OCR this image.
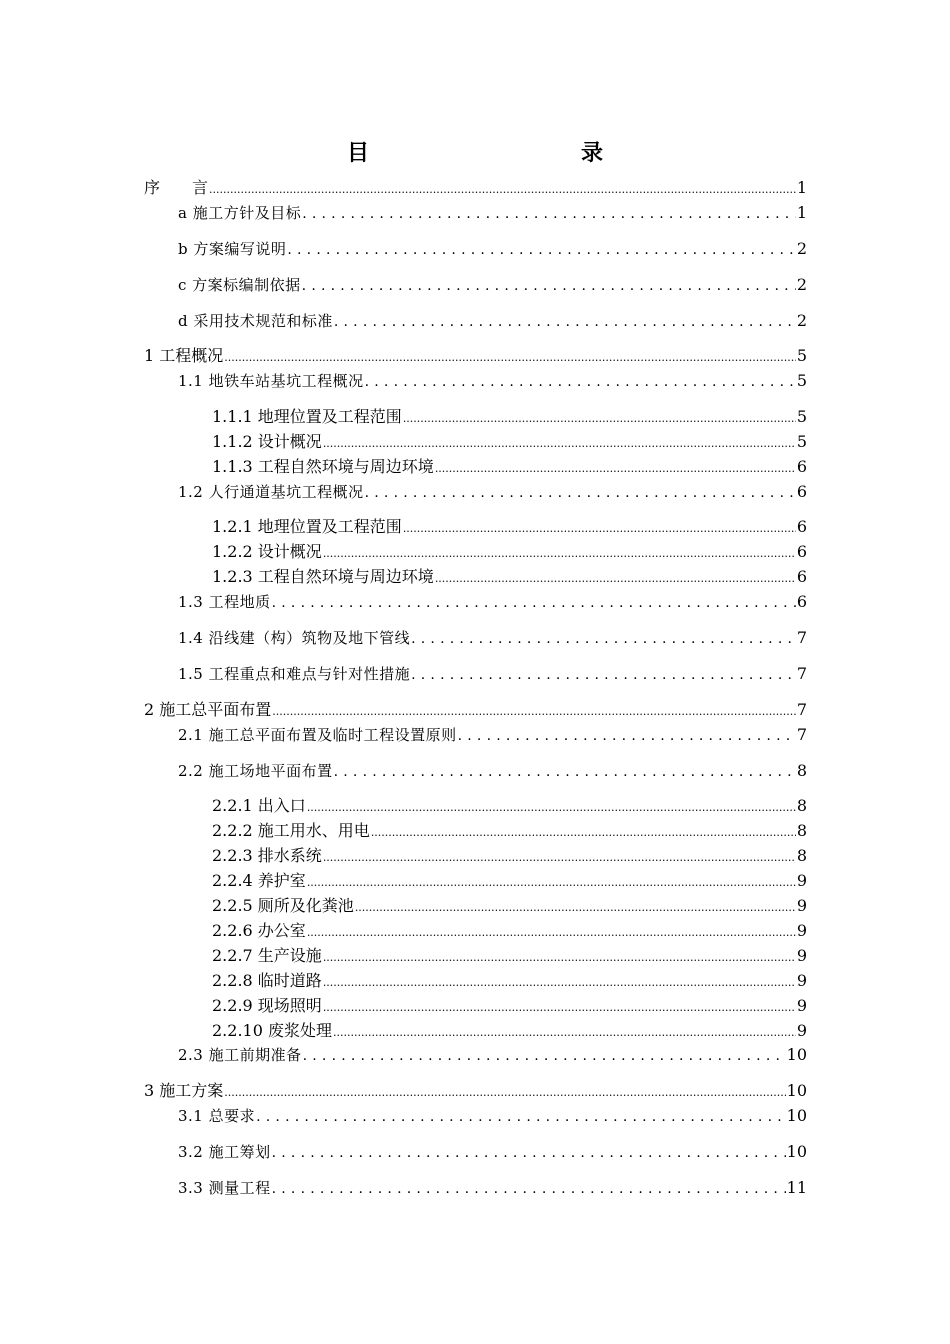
目　　录
序　　言 .....	1
a 施工方针及目标 .....	1
b 方案编写说明 .....	2
c 方案标编制依据 .....	2
d 采用技术规范和标准 .....	2
1 工程概况 .....	5
1.1 地铁车站基坑工程概况 .....	5
1.1.1 地理位置及工程范围 .....	5
1.1.2 设计概况 .....	5
1.1.3 工程自然环境与周边环境 .....	6
1.2 人行通道基坑工程概况 .....	6
1.2.1 地理位置及工程范围 .....	6
1.2.2 设计概况 .....	6
1.2.3 工程自然环境与周边环境 .....	6
1.3 工程地质 .....	6
1.4 沿线建（构）筑物及地下管线 .....	7
1.5 工程重点和难点与针对性措施 .....	7
2 施工总平面布置 .....	7
2.1 施工总平面布置及临时工程设置原则 .....	7
2.2 施工场地平面布置 .....	8
2.2.1 出入口 .....	8
2.2.2 施工用水、用电 .....	8
2.2.3 排水系统 .....	8
2.2.4 养护室 .....	9
2.2.5 厕所及化粪池 .....	9
2.2.6 办公室 .....	9
2.2.7 生产设施 .....	9
2.2.8 临时道路 .....	9
2.2.9 现场照明 .....	9
2.2.10 废浆处理 .....	9
2.3 施工前期准备 .....	10
3 施工方案 .....	10
3.1 总要求 .....	10
3.2 施工筹划 .....	10
3.3 测量工程 .....	11
